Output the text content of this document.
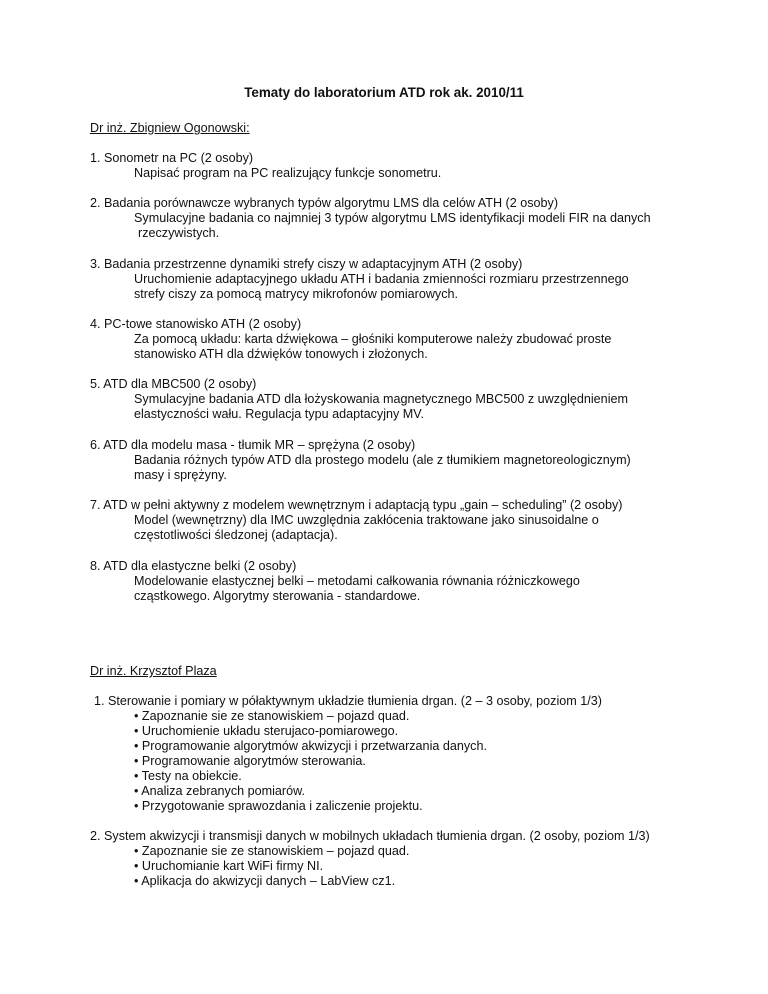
Tematy do laboratorium ATD rok ak. 2010/11
Dr inż. Zbigniew Ogonowski:
1. Sonometr na PC (2 osoby)
Napisać program na PC realizujący funkcje sonometru.
2. Badania porównawcze wybranych typów algorytmu LMS dla celów ATH (2 osoby)
Symulacyjne badania co najmniej 3 typów algorytmu LMS identyfikacji modeli FIR na danych
rzeczywistych.
3. Badania przestrzenne dynamiki strefy ciszy w adaptacyjnym ATH (2 osoby)
Uruchomienie adaptacyjnego układu ATH i badania zmienności rozmiaru przestrzennego
strefy ciszy za pomocą matrycy mikrofonów pomiarowych.
4. PC-towe stanowisko ATH (2 osoby)
Za pomocą układu: karta dźwiękowa – głośniki komputerowe należy zbudować proste
stanowisko ATH dla dźwięków tonowych i złożonych.
5. ATD dla MBC500 (2 osoby)
Symulacyjne badania ATD dla łożyskowania magnetycznego MBC500 z uwzględnieniem
elastyczności wału. Regulacja typu adaptacyjny MV.
6. ATD dla modelu masa - tłumik MR – sprężyna (2 osoby)
Badania różnych typów ATD dla prostego modelu (ale z tłumikiem magnetoreologicznym)
masy i sprężyny.
7. ATD w pełni aktywny z modelem wewnętrznym i adaptacją typu „gain – scheduling” (2 osoby)
Model (wewnętrzny) dla IMC uwzględnia zakłócenia traktowane jako sinusoidalne o
częstotliwości śledzonej (adaptacja).
8. ATD dla elastyczne belki (2 osoby)
Modelowanie elastycznej belki – metodami całkowania równania różniczkowego
cząstkowego. Algorytmy sterowania - standardowe.
Dr inż. Krzysztof Plaza
1. Sterowanie i pomiary w półaktywnym układzie tłumienia drgan. (2 – 3 osoby, poziom 1/3)
• Zapoznanie sie ze stanowiskiem – pojazd quad.
• Uruchomienie układu sterujaco-pomiarowego.
• Programowanie algorytmów akwizycji i przetwarzania danych.
• Programowanie algorytmów sterowania.
• Testy na obiekcie.
• Analiza zebranych pomiarów.
• Przygotowanie sprawozdania i zaliczenie projektu.
2. System akwizycji i transmisji danych w mobilnych układach tłumienia drgan. (2 osoby, poziom 1/3)
• Zapoznanie sie ze stanowiskiem – pojazd quad.
• Uruchomianie kart WiFi firmy NI.
• Aplikacja do akwizycji danych – LabView cz1.
